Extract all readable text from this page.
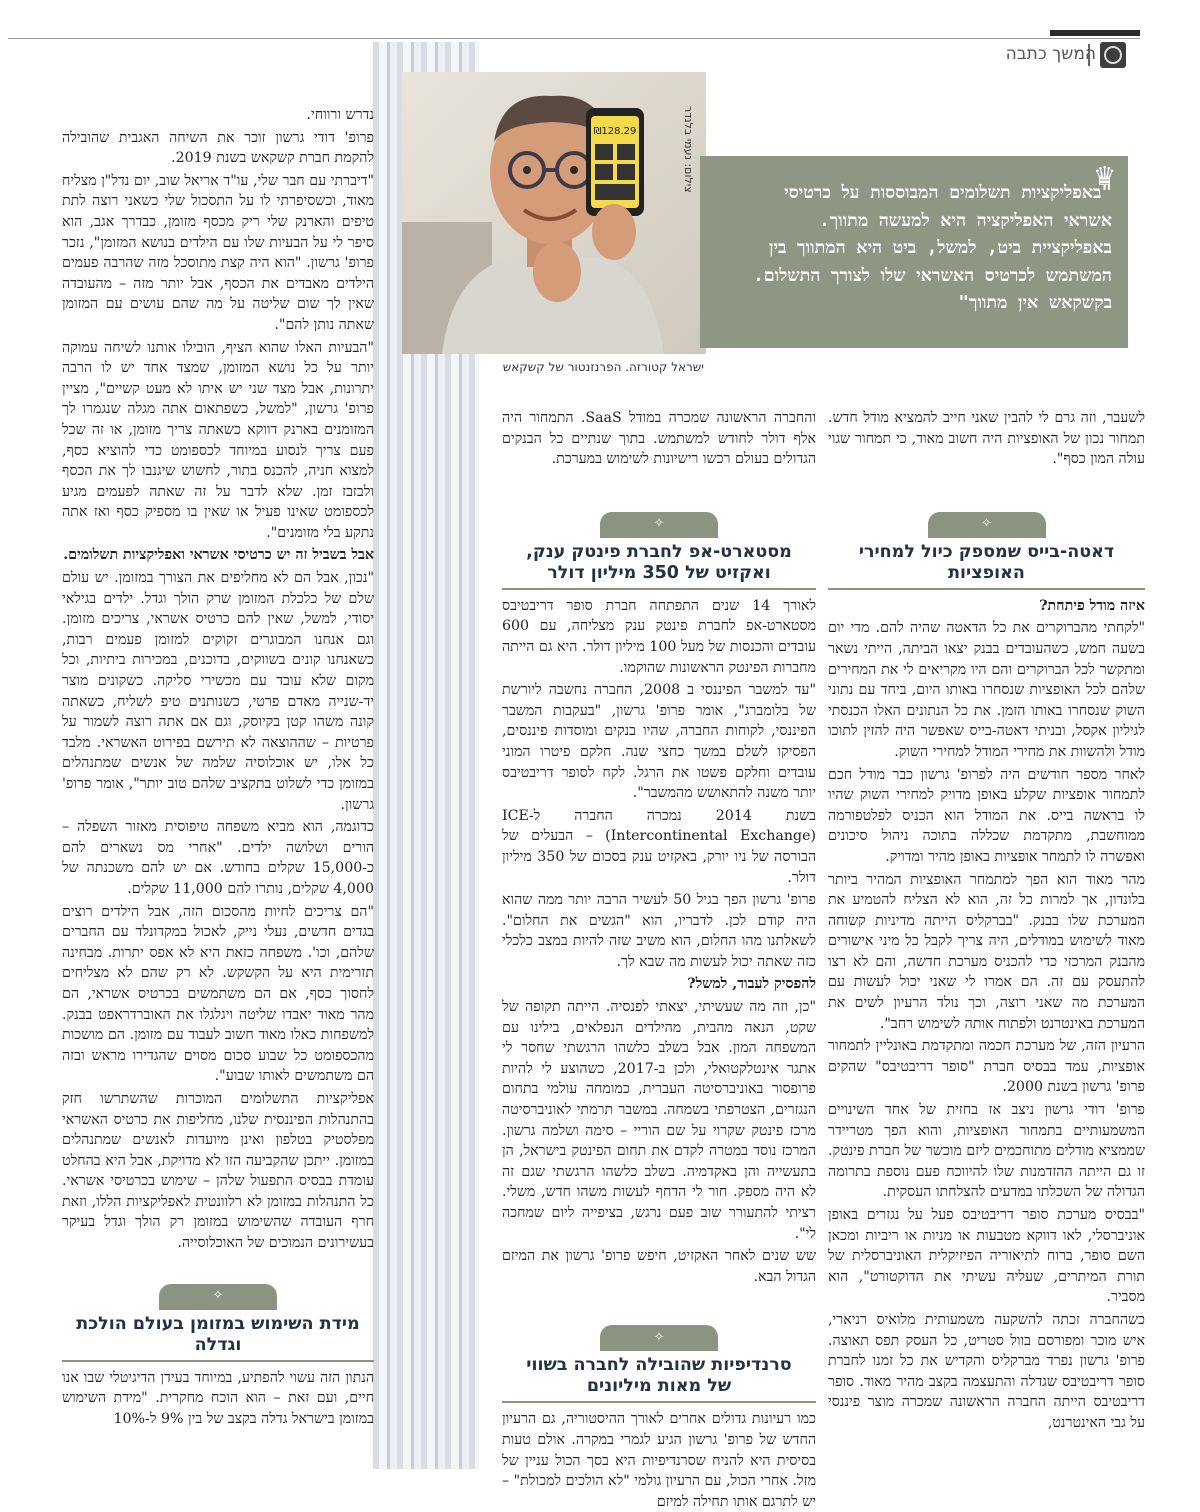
המשך כתבה
₪128.29	צילום: נעמי בלנדר
ישראל קטורזה. הפרנזנטור של קשקאש
♛
"באפליקציות תשלומים המבוססות על כרטיסי אשראי האפליקציה היא למעשה מתווך. באפליקציית ביט, למשל, ביט היא המתווך בין המשתמש לכרטיס האשראי שלו לצורך התשלום. בקשקאש אין מתווך"

לשעבר, וזה גרם לי להבין שאני חייב להמציא מודל חדש. תמחור נכון של האופציות היה חשוב מאוד, כי תמחור שגוי עולה המון כסף".

✧
דאטה-בייס שמספק כיול למחירי האופציות

איזה מודל פיתחת?

"לקחתי מהברוקרים את כל הדאטה שהיה להם. מדי יום בשעה חמש, כשהעובדים בבנק יצאו הביתה, הייתי נשאר ומתקשר לכל הברוקרים והם היו מקריאים לי את המחירים שלהם לכל האופציות שנסחרו באותו היום, ביחד עם נתוני השוק שנסחרו באותו הזמן. את כל הנתונים האלו הכנסתי לגיליון אקסל, ובניתי דאטה-בייס שאפשר היה להזין לתוכו מודל ולהשוות את מחירי המודל למחירי השוק.

לאחר מספר חודשים היה לפרופ' גרשון כבר מודל חכם לתמחור אופציות שקלע באופן מדויק למחירי השוק שהיו לו בראשה בייס. את המודל הוא הכניס לפלטפורמה ממוחשבת, מתקדמת שכללה בתוכה ניהול סיכונים ואפשרה לו לתמחר אופציות באופן מהיר ומדויק.

מהר מאוד הוא הפך למתמחר האופציות המהיר ביותר בלונדון, אך למרות כל זה, הוא לא הצליח להטמיע את המערכת שלו בבנק. "בברקליס הייתה מדיניות קשוחה מאוד לשימוש במודלים, היה צריך לקבל כל מיני אישורים מהבנק המרכזי כדי להכניס מערכת חדשה, והם לא רצו להתעסק עם זה. הם אמרו לי שאני יכול לעשות עם המערכת מה שאני רוצה, וכך נולד הרעיון לשים את המערכת באינטרנט ולפתוח אותה לשימוש רחב".

הרעיון הזה, של מערכת חכמה ומתקדמת באונליין לתמחור אופציות, עמד בבסיס חברת "סופר דריבטיבס" שהקים פרופ' גרשון בשנת 2000.

פרופ' דודי גרשון ניצב אז בחזית של אחד השינויים המשמעותיים בתמחור האופציות, והוא הפך מטריידר שממציא מודלים מתוחכמים ליזם מוכשר של חברת פינטק. זו גם הייתה ההזדמנות שלו להיווכח פעם נוספת בתרומה הגדולה של השכלתו במדעים להצלחתו העסקית.

"בבסיס מערכת סופר דריבטיבס פעל על נגזרים באופן אוניברסלי, לאו דווקא מטבעות או מניות או ריביות ומכאן השם סופר, ברוח לתיאוריה הפיזיקלית האוניברסלית של תורת המיתרים, שעליה עשיתי את הדוקטורט", הוא מסביר.

כשהחברה זכתה להשקעה משמעותית מלואיס רניארי, איש מוכר ומפורסם בוול סטריט, כל העסק תפס תאוצה. פרופ' גרשון נפרד מברקליס והקדיש את כל זמנו לחברת סופר דריבטיבס שגדלה והתעצמה בקצב מהיר מאוד. סופר דריבטיבס הייתה החברה הראשונה שמכרה מוצר פיננסי על גבי האינטרנט,

והחברה הראשונה שמכרה במודל SaaS. התמחור היה אלף דולר לחודש למשתמש. בתוך שנתיים כל הבנקים הגדולים בעולם רכשו רישיונות לשימוש במערכת.

✧
מסטארט-אפ לחברת פינטק ענק, ואקזיט של 350 מיליון דולר

לאורך 14 שנים התפתחה חברת סופר דריבטיבס מסטארט-אפ לחברת פינטק ענק מצליחה, עם 600 עובדים והכנסות של מעל 100 מיליון דולר. היא גם הייתה מחברות הפינטק הראשונות שהוקמו.

"עד למשבר הפיננסי ב 2008, החברה נחשבה ליורשת של בלומברג", אומר פרופ' גרשון, "בעקבות המשבר הפיננסי, לקוחות החברה, שהיו בנקים ומוסדות פיננסים, הפסיקו לשלם במשך כחצי שנה. חלקם פיטרו המוני עובדים וחלקם פשטו את הרגל. לקח לסופר דריבטיבס יותר משנה להתאושש מהמשבר".

בשנת 2014 נמכרה החברה ל-ICE (Intercontinental Exchange) – הבעלים של הבורסה של ניו יורק, באקזיט ענק בסכום של 350 מיליון דולר.

פרופ' גרשון הפך בגיל 50 לעשיר הרבה יותר ממה שהוא היה קודם לכן. לדבריו, הוא "הגשים את החלום". לשאלתנו מהו החלום, הוא משיב שזה להיות במצב כלכלי כזה שאתה יכול לעשות מה שבא לך.

להפסיק לעבוד, למשל?

"כן, וזה מה שעשיתי, יצאתי לפנסיה. הייתה תקופה של שקט, הנאה מהבית, מהילדים הנפלאים, בילינו עם המשפחה המון. אבל בשלב כלשהו הרגשתי שחסר לי אתגר אינטלקטואלי, ולכן ב-2017, כשהוצע לי להיות פרופסור באוניברסיטה העברית, כמומחה עולמי בתחום הנגזרים, הצטרפתי בשמחה. במשבר תרמתי לאוניברסיטה מרכז פינטק שקרוי על שם הוריי – סימה ושלמה גרשון. המרכז נוסד במטרה לקדם את תחום הפינטק בישראל, הן בתעשייה והן באקדמיה. בשלב כלשהו הרגשתי שגם זה לא היה מספק. חור לי הדחף לעשות משהו חדש, משלי. רציתי להתעורר שוב פעם נרגש, בציפייה ליום שמחכה לי".

שש שנים לאחר האקזיט, חיפש פרופ' גרשון את המיזם הגדול הבא.

✧
סרנדיפיות שהובילה לחברה בשווי של מאות מיליונים

כמו רעיונות גדולים אחרים לאורך ההיסטוריה, גם הרעיון החדש של פרופ' גרשון הגיע לגמרי במקרה. אולם טעות בסיסית היא להניח שסרנדיפיות היא בסך הכול עניין של מזל. אחרי הכול, עם הרעיון גולמי "לא הולכים למכולת" – יש לתרגם אותו תחילה למיזם

נדרש ורווחי.

פרופ' דודי גרשון זוכר את השיחה האגבית שהובילה להקמת חברת קשקאש בשנת 2019.

"דיברתי עם חבר שלי, עו"ד אריאל שוב, יום נדל"ן מצליח מאוד, וכשסיפרתי לו על התסכול שלי כשאני רוצה לתת טיפים והארנק שלי ריק מכסף מזומן, כבדרך אגב, הוא סיפר לי על הבעיות שלו עם הילדים בנושא המזומן", נזכר פרופ' גרשון. "הוא היה קצת מתוסכל מזה שהרבה פעמים הילדים מאבדים את הכסף, אבל יותר מזה – מהעובדה שאין לך שום שליטה על מה שהם עושים עם המזומן שאתה נותן להם".

"הבעיות האלו שהוא הציף, הובילו אותנו לשיחה עמוקה יותר על כל נושא המזומן, שמצד אחד יש לו הרבה יתרונות, אבל מצד שני יש איתו לא מעט קשיים", מציין פרופ' גרשון, "למשל, כשפתאום אתה מגלה שנגמרו לך המזומנים בארנק דווקא כשאתה צריך מזומן, או זה שכל פעם צריך לנסוע במיוחד לכספומט כדי להוציא כסף, למצוא חניה, להכנס בתור, לחשוש שיגנבו לך את הכסף ולבזבז זמן. שלא לדבר על זה שאתה לפעמים מגיע לכספומט שאינו פעיל או שאין בו מספיק כסף ואז אתה נתקע בלי מזומנים".

אבל בשביל זה יש כרטיסי אשראי ואפליקציות תשלומים.

"נכון, אבל הם לא מחליפים את הצורך במזומן. יש עולם שלם של כלכלת המזומן שרק הולך וגדל. ילדים בגילאי יסודי, למשל, שאין להם כרטיס אשראי, צריכים מזומן. וגם אנחנו המבוגרים זקוקים למזומן פעמים רבות, כשאנחנו קונים בשווקים, בדוכנים, במכירות ביתיות, וכל מקום שלא עובד עם מכשירי סליקה. כשקונים מוצר יד-שנייה מאדם פרטי, כשנותנים טיפ לשליח, כשאתה קונה משהו קטן בקיוסק, וגם אם אתה רוצה לשמור על פרטיות – שההוצאה לא תירשם בפירוט האשראי. מלבד כל אלו, יש אוכלוסיה שלמה של אנשים שמתנהלים במזומן כדי לשלוט בתקציב שלהם טוב יותר", אומר פרופ' גרשון.

כדוגמה, הוא מביא משפחה טיפוסית מאזור השפלה – הורים ושלושה ילדים. "אחרי מס נשארים להם כ-15,000 שקלים בחודש. אם יש להם משכנתה של 4,000 שקלים, נותרו להם 11,000 שקלים.

"הם צריכים לחיות מהסכום הזה, אבל הילדים רוצים בגדים חדשים, נעלי נייק, לאכול במקדונלד עם החברים שלהם, וכו'. משפחה כזאת היא לא אפס יתרות. מבחינה תזרימית היא על הקשקש. לא רק שהם לא מצליחים לחסוך כסף, אם הם משתמשים בכרטיס אשראי, הם מהר מאוד יאבדו שליטה ויגלגלו את האוברדראפט בבנק. למשפחות כאלו מאוד חשוב לעבוד עם מזומן. הם מושכות מהכספומט כל שבוע סכום מסוים שהגדירו מראש ובזה הם משתמשים לאותו שבוע".

אפליקציות התשלומים המוכרות שהשתרשו חזק בהתנהלות הפיננסית שלנו, מחליפות את כרטיס האשראי מפלסטיק בטלפון ואינן מיועדות לאנשים שמתנהלים במזומן. ייתכן שהקביעה הזו לא מדויקת, אבל היא בהחלט עומדת בבסיס התפעול שלהן – שימוש בכרטיסי אשראי. כל התנהלות במזומן לא רלוונטית לאפליקציות הללו, וזאת חרף העובדה שהשימוש במזומן רק הולך וגדל בעיקר בעשירונים הנמוכים של האוכלוסייה.

✧
מידת השימוש במזומן בעולם הולכת וגדלה

הנתון הזה עשוי להפתיע, במיוחד בעידן הדיגיטלי שבו אנו חיים, ועם זאת – הוא הוכח מחקרית. "מידת השימוש במזומן בישראל גדלה בקצב של בין 9% ל-10%
